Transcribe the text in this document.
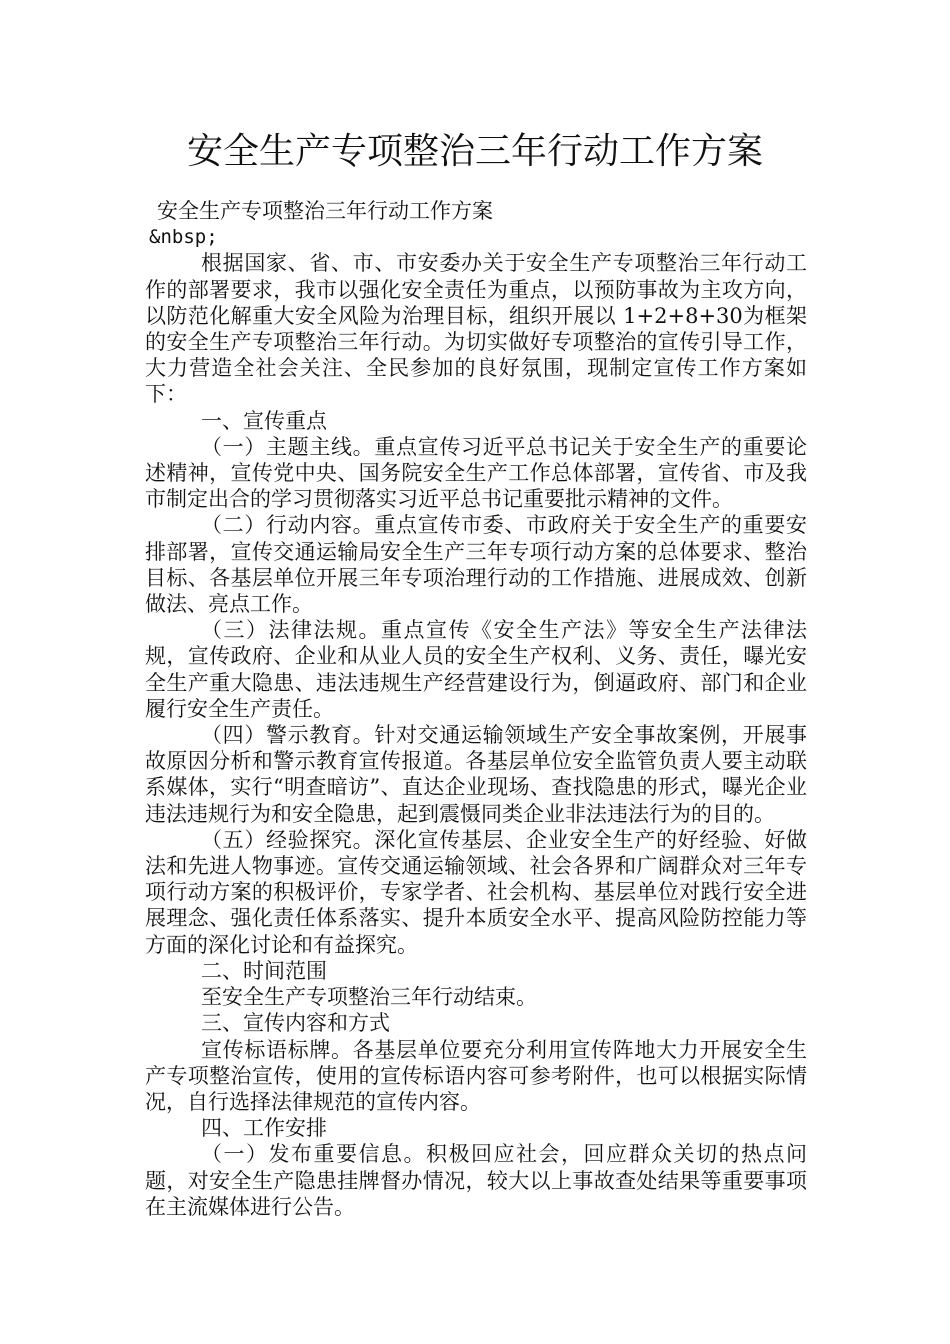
安全生产专项整治三年行动工作方案

安全生产专项整治三年行动工作方案

&nbsp;

根据国家、省、市、市安委办关于安全生产专项整治三年行动工作的部署要求，我市以强化安全责任为重点，以预防事故为主攻方向，以防范化解重大安全风险为治理目标，组织开展以 1+2+8+30为框架的安全生产专项整治三年行动。为切实做好专项整治的宣传引导工作，大力营造全社会关注、全民参加的良好氛围，现制定宣传工作方案如下：

一、宣传重点

（一）主题主线。重点宣传习近平总书记关于安全生产的重要论述精神，宣传党中央、国务院安全生产工作总体部署，宣传省、市及我市制定出合的学习贯彻落实习近平总书记重要批示精神的文件。

（二）行动内容。重点宣传市委、市政府关于安全生产的重要安排部署，宣传交通运输局安全生产三年专项行动方案的总体要求、整治目标、各基层单位开展三年专项治理行动的工作措施、进展成效、创新做法、亮点工作。

（三）法律法规。重点宣传《安全生产法》等安全生产法律法规，宣传政府、企业和从业人员的安全生产权利、义务、责任，曝光安全生产重大隐患、违法违规生产经营建设行为，倒逼政府、部门和企业履行安全生产责任。

（四）警示教育。针对交通运输领域生产安全事故案例，开展事故原因分析和警示教育宣传报道。各基层单位安全监管负责人要主动联系媒体，实行“明查暗访”、直达企业现场、查找隐患的形式，曝光企业违法违规行为和安全隐患，起到震慑同类企业非法违法行为的目的。

（五）经验探究。深化宣传基层、企业安全生产的好经验、好做法和先进人物事迹。宣传交通运输领域、社会各界和广阔群众对三年专项行动方案的积极评价，专家学者、社会机构、基层单位对践行安全进展理念、强化责任体系落实、提升本质安全水平、提高风险防控能力等方面的深化讨论和有益探究。

二、时间范围

至安全生产专项整治三年行动结束。

三、宣传内容和方式

宣传标语标牌。各基层单位要充分利用宣传阵地大力开展安全生产专项整治宣传，使用的宣传标语内容可参考附件，也可以根据实际情况，自行选择法律规范的宣传内容。

四、工作安排

（一）发布重要信息。积极回应社会，回应群众关切的热点问题，对安全生产隐患挂牌督办情况，较大以上事故查处结果等重要事项在主流媒体进行公告。
